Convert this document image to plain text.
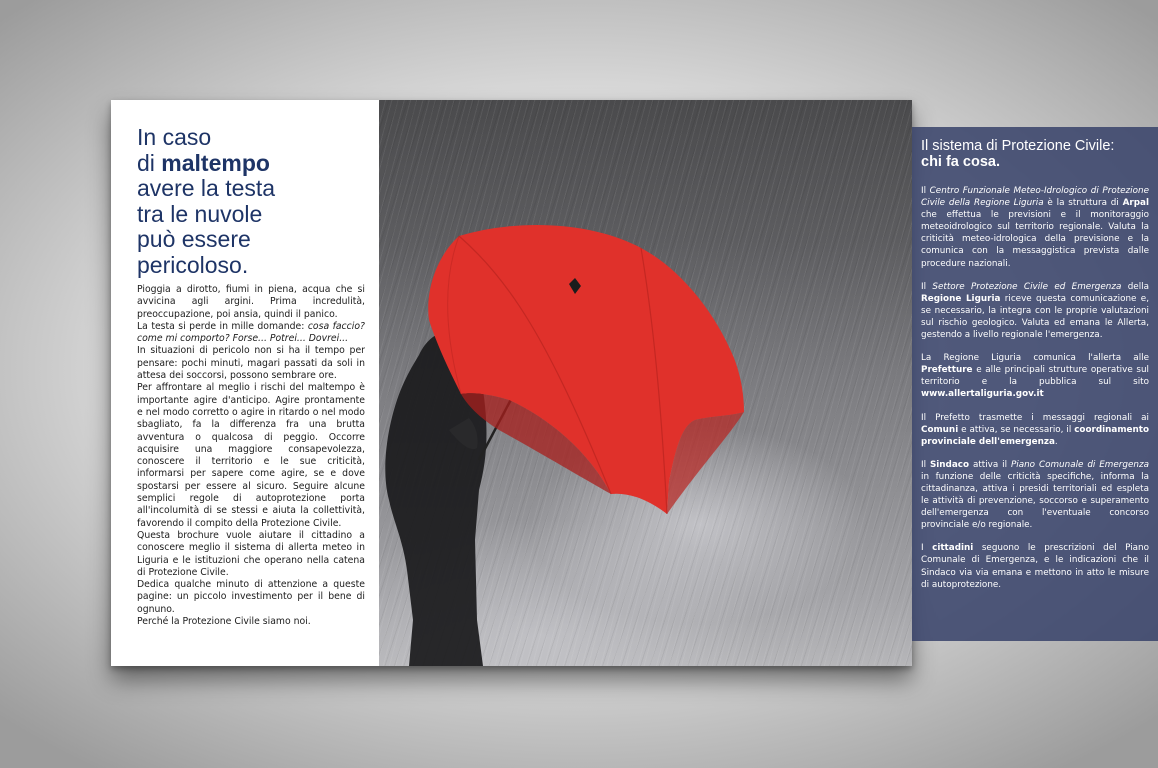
In caso
di maltempo
avere la testa
tra le nuvole
può essere
pericoloso.

Pioggia a dirotto, fiumi in piena, acqua che si avvicina agli argini. Prima incredulità, preoccupazione, poi ansia, quindi il panico.

La testa si perde in mille domande: cosa faccio? come mi comporto? Forse... Potrei... Dovrei...

In situazioni di pericolo non si ha il tempo per pensare: pochi minuti, magari passati da soli in attesa dei soccorsi, possono sembrare ore.

Per affrontare al meglio i rischi del maltempo è importante agire d'anticipo. Agire prontamente e nel modo corretto o agire in ritardo o nel modo sbagliato, fa la differenza fra una brutta avventura o qualcosa di peggio. Occorre acquisire una maggiore consapevolezza, conoscere il territorio e le sue criticità, informarsi per sapere come agire, se e dove spostarsi per essere al sicuro. Seguire alcune semplici regole di autoprotezione porta all'incolumità di se stessi e aiuta la collettività, favorendo il compito della Protezione Civile.

Questa brochure vuole aiutare il cittadino a conoscere meglio il sistema di allerta meteo in Liguria e le istituzioni che operano nella catena di Protezione Civile.

Dedica qualche minuto di attenzione a queste pagine: un piccolo investimento per il bene di ognuno.

Perché la Protezione Civile siamo noi.

Il sistema di Protezione Civile:
chi fa cosa.

Il Centro Funzionale Meteo-Idrologico di Protezione Civile della Regione Liguria è la struttura di Arpal che effettua le previsioni e il monitoraggio meteoidrologico sul territorio regionale. Valuta la criticità meteo-idrologica della previsione e la comunica con la messaggistica prevista dalle procedure nazionali.

Il Settore Protezione Civile ed Emergenza della Regione Liguria riceve questa comunicazione e, se necessario, la integra con le proprie valutazioni sul rischio geologico. Valuta ed emana le Allerta, gestendo a livello regionale l'emergenza.

La Regione Liguria comunica l'allerta alle Prefetture e alle principali strutture operative sul territorio e la pubblica sul sito www.allertaliguria.gov.it

Il Prefetto trasmette i messaggi regionali ai Comuni e attiva, se necessario, il coordinamento provinciale dell'emergenza.

Il Sindaco attiva il Piano Comunale di Emergenza in funzione delle criticità specifiche, informa la cittadinanza, attiva i presidi territoriali ed espleta le attività di prevenzione, soccorso e superamento dell'emergenza con l'eventuale concorso provinciale e/o regionale.

I cittadini seguono le prescrizioni del Piano Comunale di Emergenza, e le indicazioni che il Sindaco via via emana e mettono in atto le misure di autoprotezione.
